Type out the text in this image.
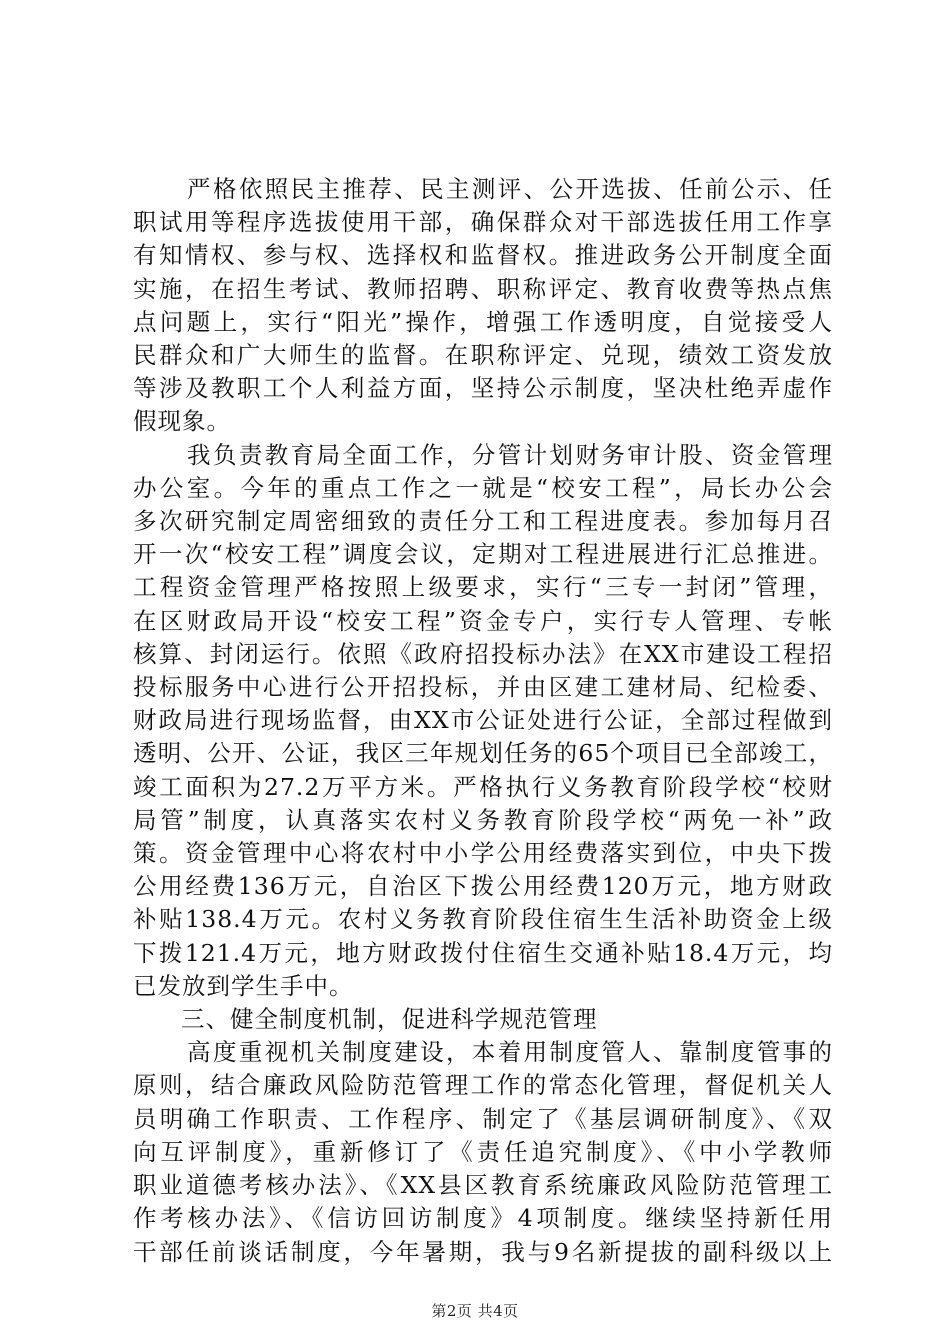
严格依照民主推荐、民主测评、公开选拔、任前公示、任
职试用等程序选拔使用干部，确保群众对干部选拔任用工作享
有知情权、参与权、选择权和监督权。推进政务公开制度全面
实施，在招生考试、教师招聘、职称评定、教育收费等热点焦
点问题上，实行“阳光”操作，增强工作透明度，自觉接受人
民群众和广大师生的监督。在职称评定、兑现，绩效工资发放
等涉及教职工个人利益方面，坚持公示制度，坚决杜绝弄虚作
假现象。
我负责教育局全面工作，分管计划财务审计股、资金管理
办公室。今年的重点工作之一就是“校安工程”，局长办公会
多次研究制定周密细致的责任分工和工程进度表。参加每月召
开一次“校安工程”调度会议，定期对工程进展进行汇总推进。
工程资金管理严格按照上级要求，实行“三专一封闭”管理，
在区财政局开设“校安工程”资金专户，实行专人管理、专帐
核算、封闭运行。依照《政府招投标办法》在XX市建设工程招
投标服务中心进行公开招投标，并由区建工建材局、纪检委、
财政局进行现场监督，由XX市公证处进行公证，全部过程做到
透明、公开、公证，我区三年规划任务的65个项目已全部竣工，
竣工面积为27.2万平方米。严格执行义务教育阶段学校“校财
局管”制度，认真落实农村义务教育阶段学校“两免一补”政
策。资金管理中心将农村中小学公用经费落实到位，中央下拨
公用经费136万元，自治区下拨公用经费120万元，地方财政
补贴138.4万元。农村义务教育阶段住宿生生活补助资金上级
下拨121.4万元，地方财政拨付住宿生交通补贴18.4万元，均
已发放到学生手中。
三、健全制度机制，促进科学规范管理
高度重视机关制度建设，本着用制度管人、靠制度管事的
原则，结合廉政风险防范管理工作的常态化管理，督促机关人
员明确工作职责、工作程序、制定了《基层调研制度》、《双
向互评制度》，重新修订了《责任追究制度》、《中小学教师
职业道德考核办法》、《XX县区教育系统廉政风险防范管理工
作考核办法》、《信访回访制度》4项制度。继续坚持新任用
干部任前谈话制度，今年暑期，我与9名新提拔的副科级以上
第2页 共4页
